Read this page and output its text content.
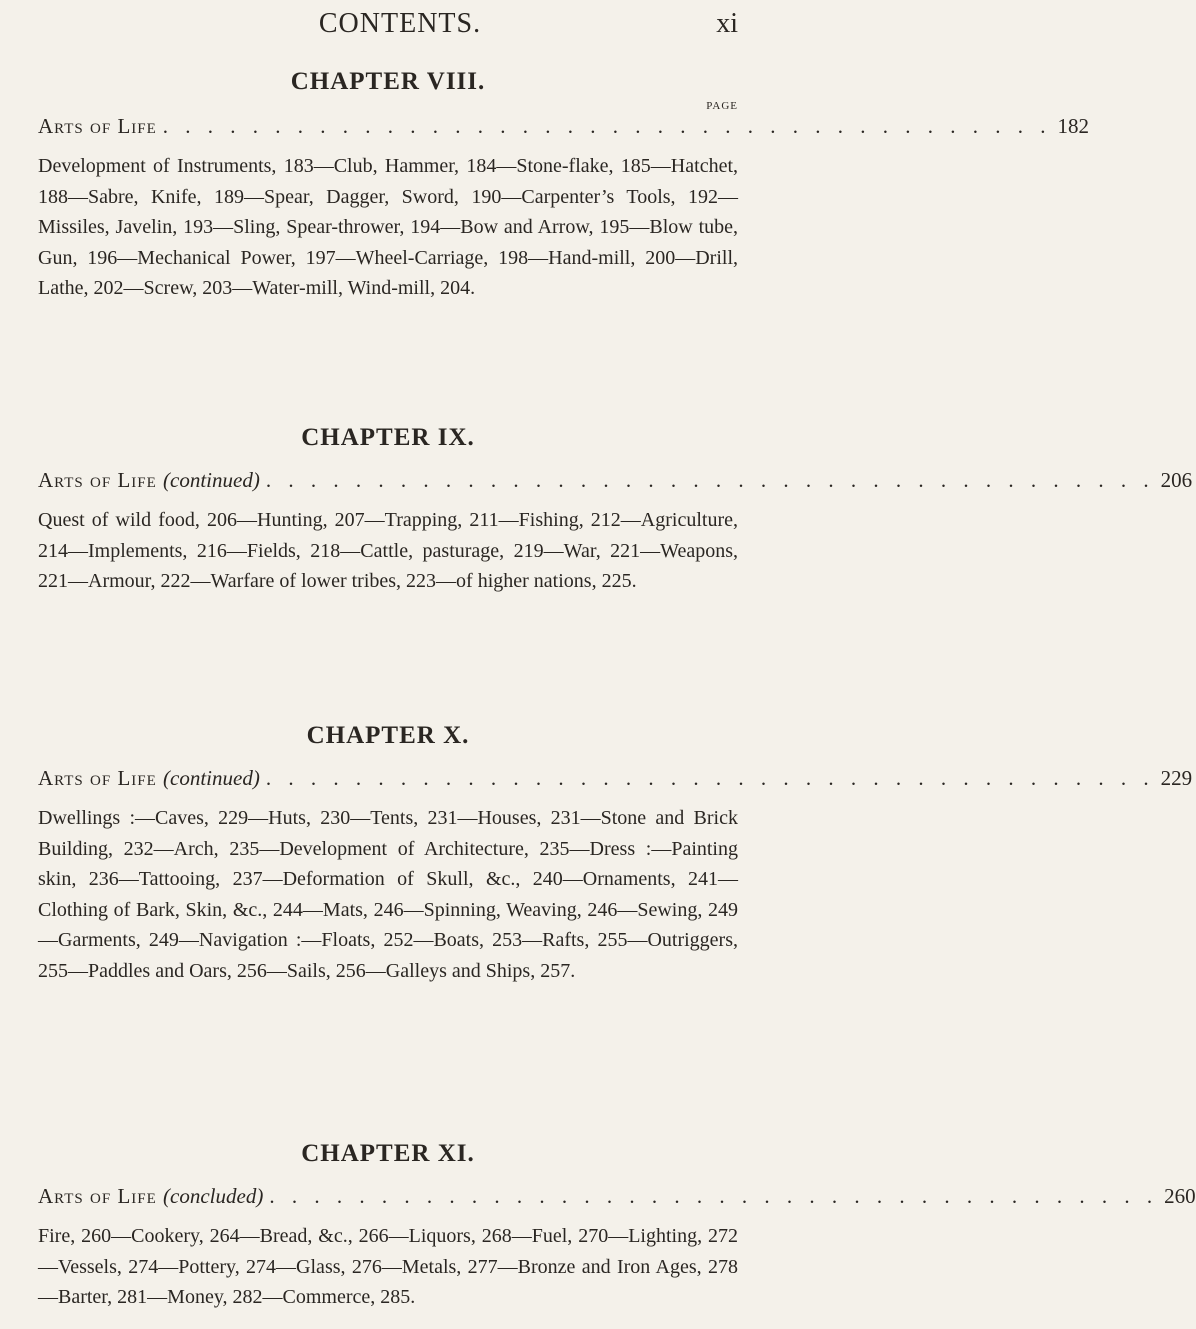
CONTENTS.	xi
CHAPTER VIII.
PAGE
Arts of Life . . . . . . . . . . . . . . . . . . . . . . . . . . . . . . . . . . . . . . . . 182

Development of Instruments, 183—Club, Hammer, 184—Stone-flake, 185—Hatchet, 188—Sabre, Knife, 189—Spear, Dagger, Sword, 190—Carpenter’s Tools, 192—Missiles, Javelin, 193—Sling, Spear-thrower, 194—Bow and Arrow, 195—Blow tube, Gun, 196—Mechanical Power, 197—Wheel-Carriage, 198—Hand-mill, 200—Drill, Lathe, 202—Screw, 203—Water-mill, Wind-mill, 204.

CHAPTER IX.
Arts of Life (continued) . . . . . . . . . . . . . . . . . . . . . . . . . . . . . . . . . . . . . . . . 206

Quest of wild food, 206—Hunting, 207—Trapping, 211—Fishing, 212—Agriculture, 214—Implements, 216—Fields, 218—Cattle, pasturage, 219—War, 221—Weapons, 221—Armour, 222—Warfare of lower tribes, 223—of higher nations, 225.

CHAPTER X.
Arts of Life (continued) . . . . . . . . . . . . . . . . . . . . . . . . . . . . . . . . . . . . . . . . 229

Dwellings :—Caves, 229—Huts, 230—Tents, 231—Houses, 231—Stone and Brick Building, 232—Arch, 235—Development of Architecture, 235—Dress :—Painting skin, 236—Tattooing, 237—Deformation of Skull, &c., 240—Ornaments, 241—Clothing of Bark, Skin, &c., 244—Mats, 246—Spinning, Weaving, 246—Sewing, 249—Garments, 249—Navigation :—Floats, 252—Boats, 253—Rafts, 255—Outriggers, 255—Paddles and Oars, 256—Sails, 256—Galleys and Ships, 257.

CHAPTER XI.
Arts of Life (concluded) . . . . . . . . . . . . . . . . . . . . . . . . . . . . . . . . . . . . . . . . 260

Fire, 260—Cookery, 264—Bread, &c., 266—Liquors, 268—Fuel, 270—Lighting, 272—Vessels, 274—Pottery, 274—Glass, 276—Metals, 277—Bronze and Iron Ages, 278—Barter, 281—Money, 282—Commerce, 285.
